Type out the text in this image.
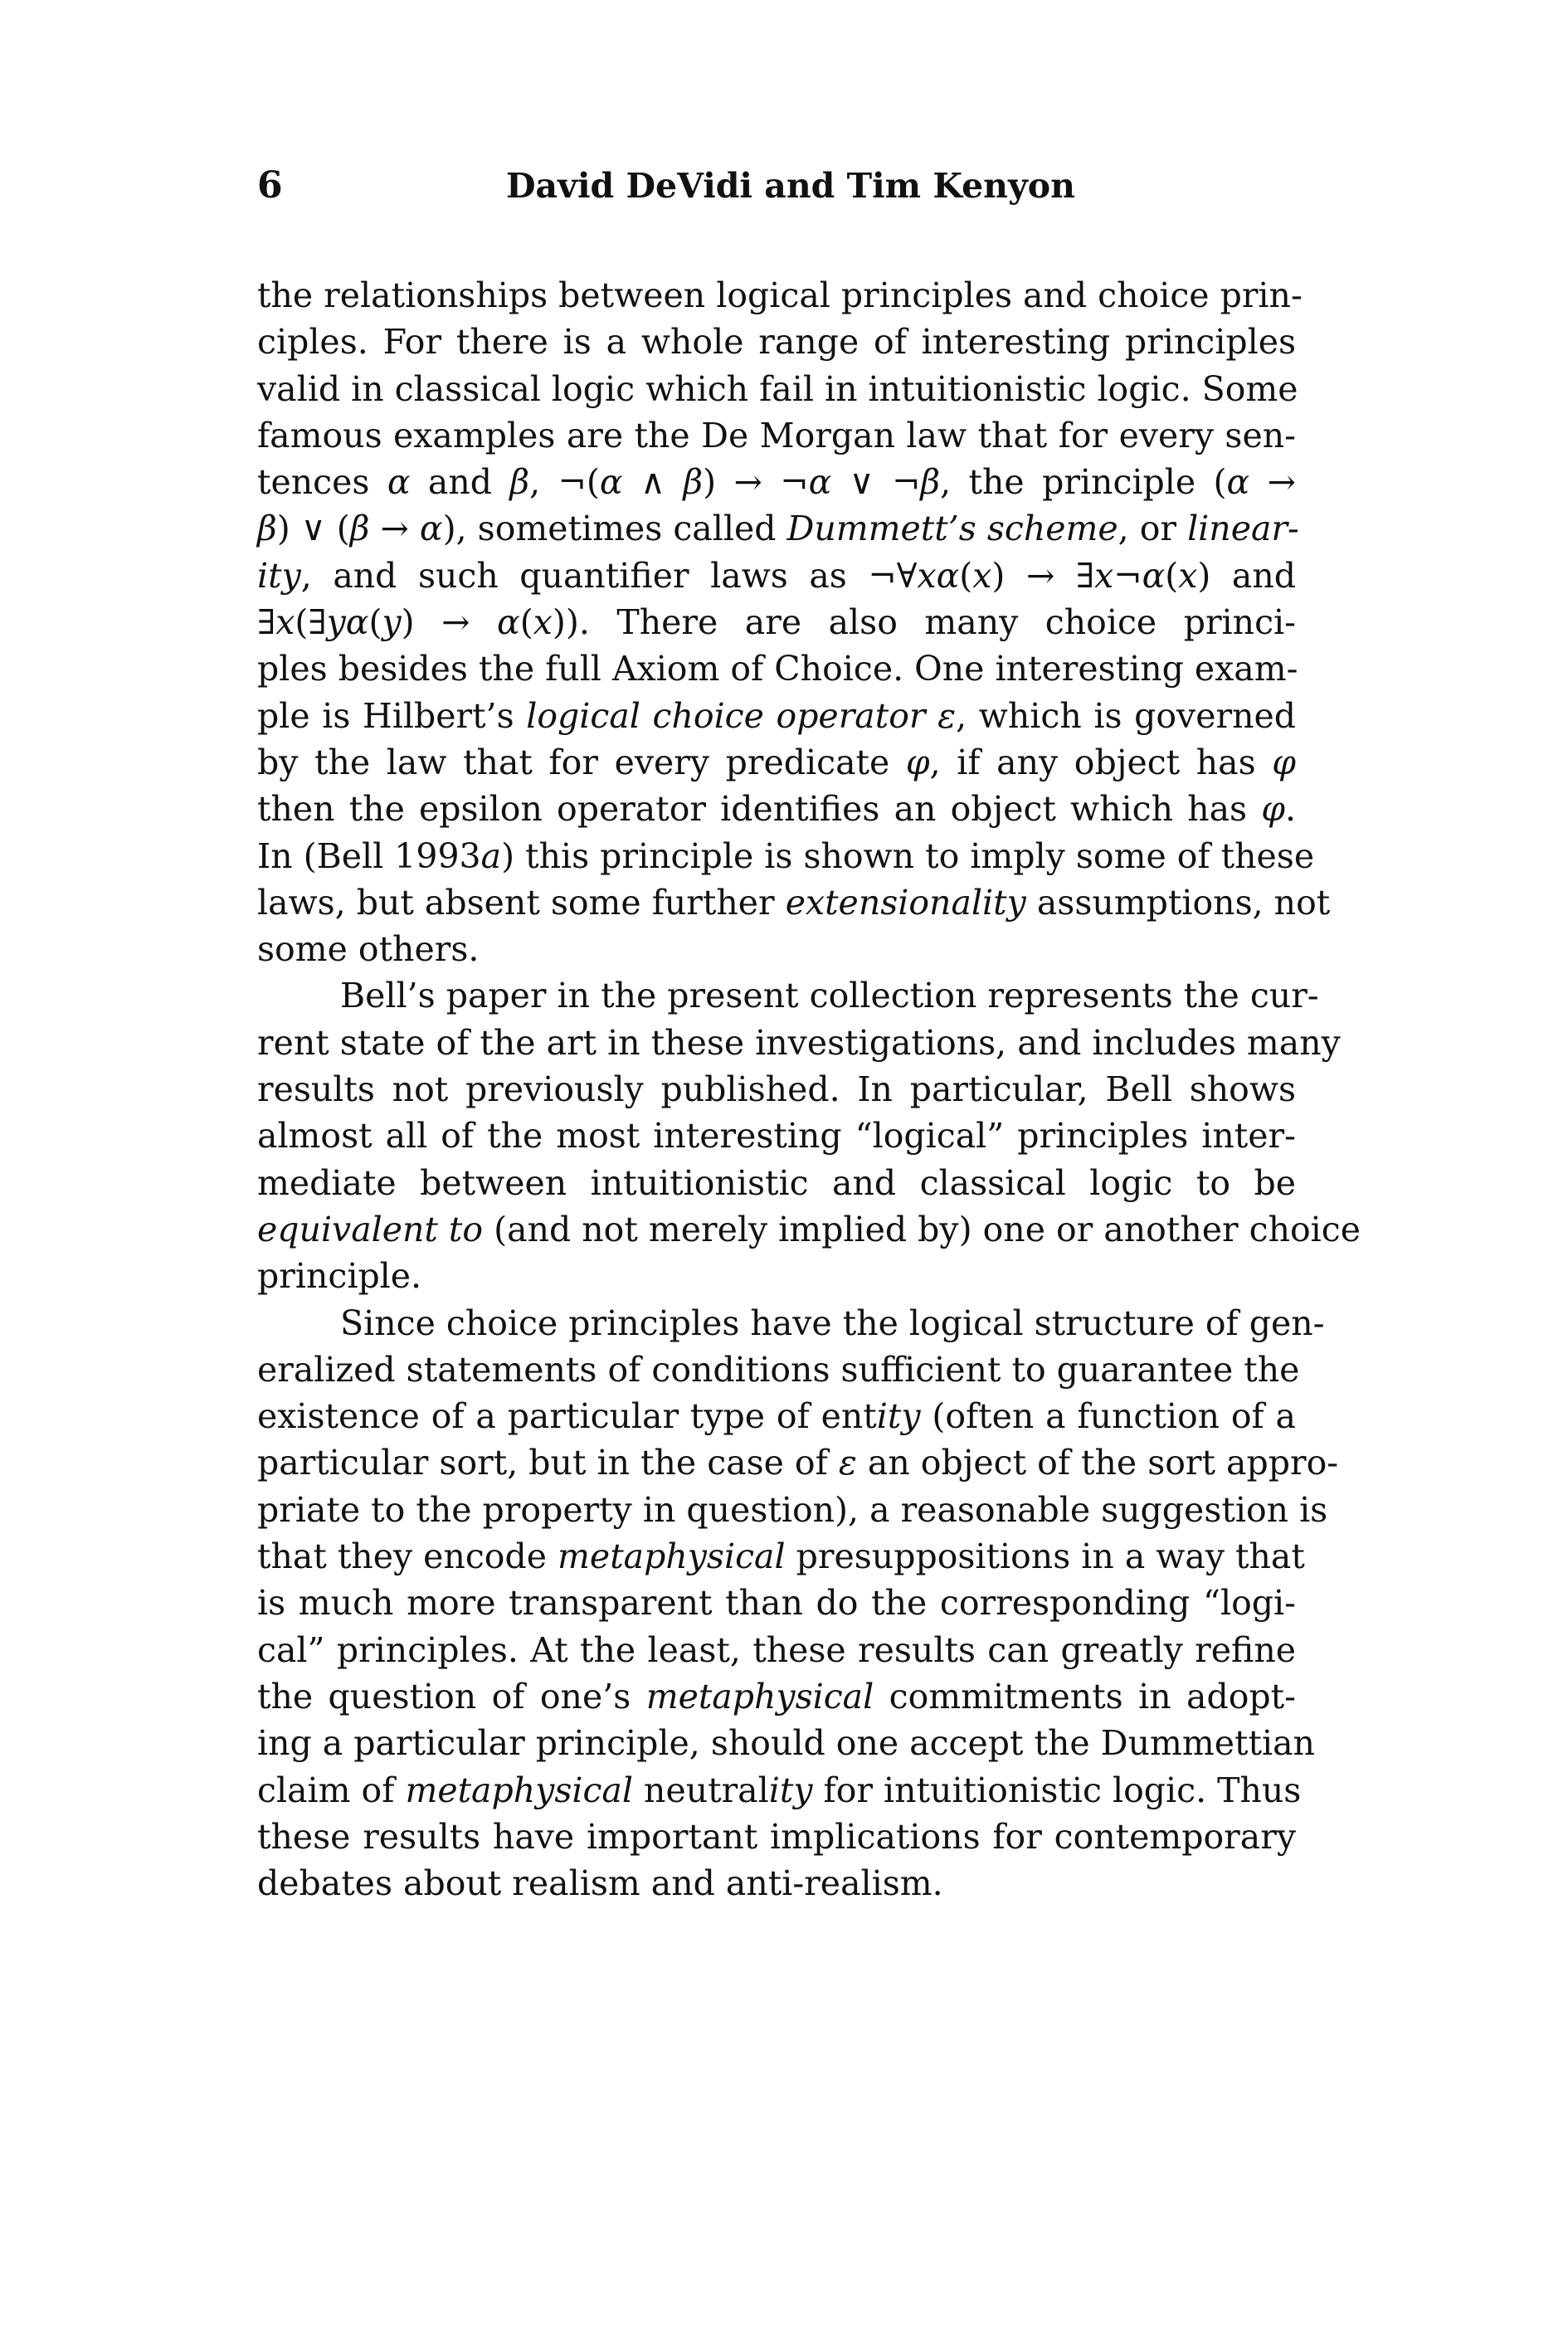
6	David DeVidi and Tim Kenyon
the relationships between logical principles and choice prin-
ciples. For there is a whole range of interesting principles
valid in classical logic which fail in intuitionistic logic. Some
famous examples are the De Morgan law that for every sen-
tences α and β, ¬(α ∧ β) → ¬α ∨ ¬β, the principle (α →
β) ∨ (β → α), sometimes called Dummett’s scheme, or linear-
ity, and such quantifier laws as ¬∀xα(x) → ∃x¬α(x) and
∃x(∃yα(y) → α(x)). There are also many choice princi-
ples besides the full Axiom of Choice. One interesting exam-
ple is Hilbert’s logical choice operator ε, which is governed
by the law that for every predicate φ, if any object has φ
then the epsilon operator identifies an object which has φ.
In (Bell 1993a) this principle is shown to imply some of these
laws, but absent some further extensionality assumptions, not
some others.
Bell’s paper in the present collection represents the cur-
rent state of the art in these investigations, and includes many
results not previously published. In particular, Bell shows
almost all of the most interesting “logical” principles inter-
mediate between intuitionistic and classical logic to be
equivalent to (and not merely implied by) one or another choice
principle.
Since choice principles have the logical structure of gen-
eralized statements of conditions sufficient to guarantee the
existence of a particular type of entity (often a function of a
particular sort, but in the case of ε an object of the sort appro-
priate to the property in question), a reasonable suggestion is
that they encode metaphysical presuppositions in a way that
is much more transparent than do the corresponding “logi-
cal” principles. At the least, these results can greatly refine
the question of one’s metaphysical commitments in adopt-
ing a particular principle, should one accept the Dummettian
claim of metaphysical neutrality for intuitionistic logic. Thus
these results have important implications for contemporary
debates about realism and anti-realism.
